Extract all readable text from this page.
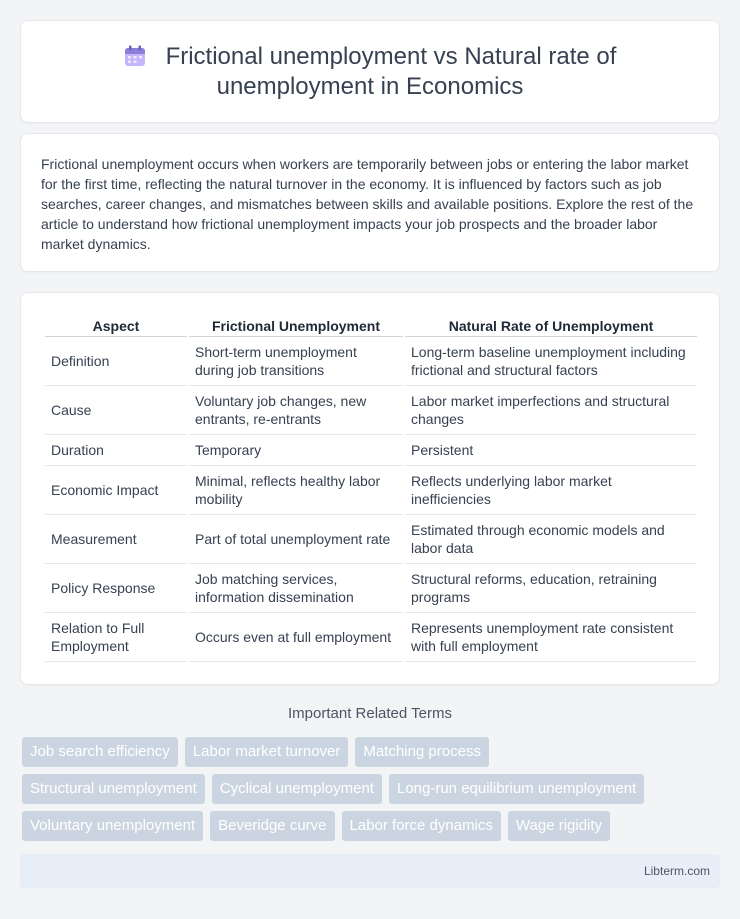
Frictional unemployment vs Natural rate of unemployment in Economics

Frictional unemployment occurs when workers are temporarily between jobs or entering the labor market for the first time, reflecting the natural turnover in the economy. It is influenced by factors such as job searches, career changes, and mismatches between skills and available positions. Explore the rest of the article to understand how frictional unemployment impacts your job prospects and the broader labor market dynamics.

Aspect	Frictional Unemployment	Natural Rate of Unemployment
Definition	Short-term unemployment during job transitions	Long-term baseline unemployment including frictional and structural factors
Cause	Voluntary job changes, new entrants, re-entrants	Labor market imperfections and structural changes
Duration	Temporary	Persistent
Economic Impact	Minimal, reflects healthy labor mobility	Reflects underlying labor market inefficiencies
Measurement	Part of total unemployment rate	Estimated through economic models and labor data
Policy Response	Job matching services, information dissemination	Structural reforms, education, retraining programs
Relation to Full Employment	Occurs even at full employment	Represents unemployment rate consistent with full employment
Important Related Terms
Job search efficiency	Labor market turnover	Matching process
Structural unemployment	Cyclical unemployment	Long-run equilibrium unemployment
Voluntary unemployment	Beveridge curve	Labor force dynamics	Wage rigidity
Libterm.com
